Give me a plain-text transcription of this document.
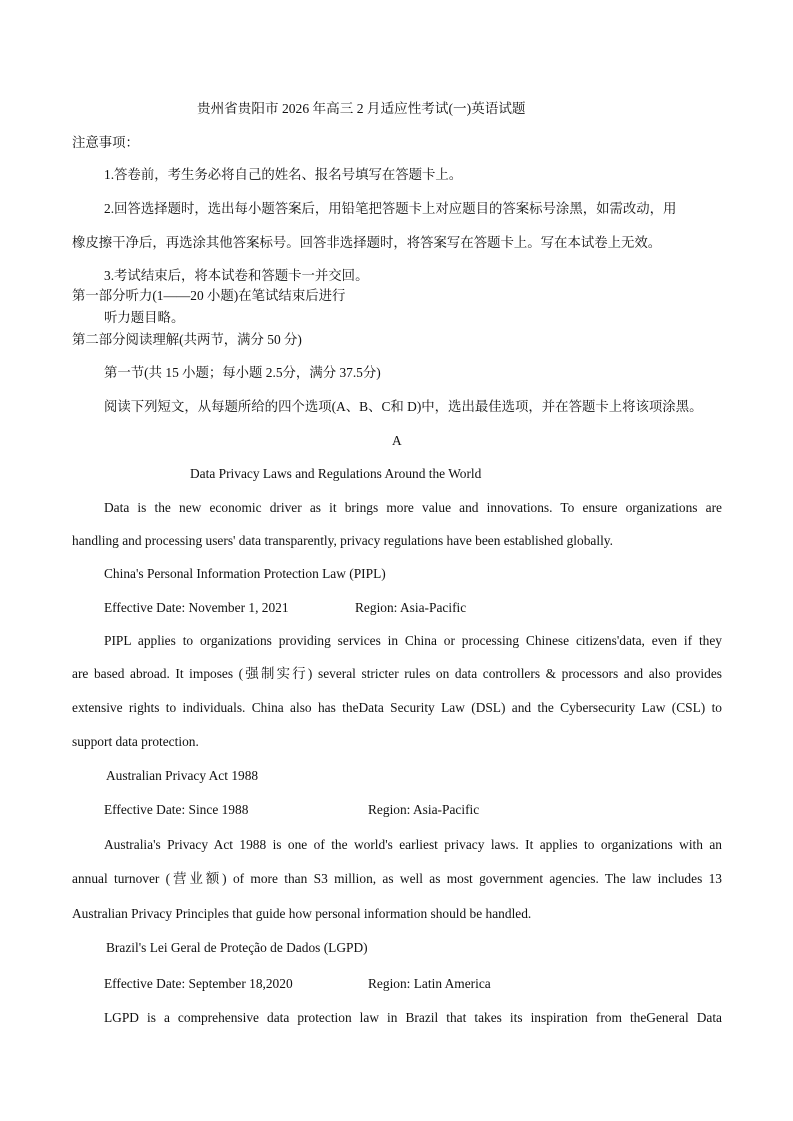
贵州省贵阳市 2026 年高三 2 月适应性考试(一)英语试题
注意事项：
1.答卷前，考生务必将自己的姓名、报名号填写在答题卡上。
2.回答选择题时，选出每小题答案后，用铅笔把答题卡上对应题目的答案标号涂黑，如需改动，用
橡皮擦干净后，再选涂其他答案标号。回答非选择题时，将答案写在答题卡上。写在本试卷上无效。
3.考试结束后，将本试卷和答题卡一并交回。
第一部分听力(1——20 小题)在笔试结束后进行
听力题目略。
第二部分阅读理解(共两节，满分 50 分)
第一节(共 15 小题；每小题 2.5分，满分 37.5分)
阅读下列短文，从每题所给的四个选项(A、B、C和 D)中，选出最佳选项，并在答题卡上将该项涂黑。
A
Data Privacy Laws and Regulations Around the World
Data is the new economic driver as it brings more value and innovations. To ensure organizations are
handling and processing users' data transparently, privacy regulations have been established globally.
China's Personal Information Protection Law (PIPL)
Effective Date: November 1, 2021	Region: Asia-Pacific
PIPL applies to organizations providing services in China or processing Chinese citizens'data, even if they
are based abroad. It imposes (强制实行) several stricter rules on data controllers & processors and also provides
extensive rights to individuals. China also has theData Security Law (DSL) and the Cybersecurity Law (CSL) to
support data protection.
Australian Privacy Act 1988
Effective Date: Since 1988	Region: Asia-Pacific
Australia's Privacy Act 1988 is one of the world's earliest privacy laws. It applies to organizations with an
annual turnover (营业额) of more than S3 million, as well as most government agencies. The law includes 13
Australian Privacy Principles that guide how personal information should be handled.
Brazil's Lei Geral de Proteção de Dados (LGPD)
Effective Date: September 18,2020	Region: Latin America
LGPD is a comprehensive data protection law in Brazil that takes its inspiration from theGeneral Data
